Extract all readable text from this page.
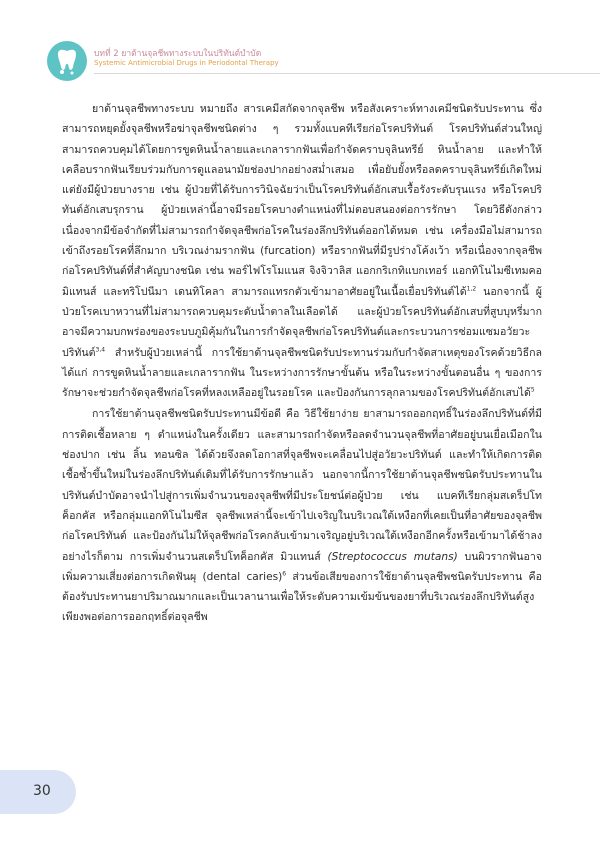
บทที่ 2 ยาต้านจุลชีพทางระบบในปริทันต์บำบัด
Systemic Antimicrobial Drugs in Periodontal Therapy

ยาต้านจุลชีพทางระบบ หมายถึง สารเคมีสกัดจากจุลชีพ หรือสังเคราะห์ทางเคมีชนิดรับประทาน ซึ่งสามารถหยุดยั้งจุลชีพหรือฆ่าจุลชีพชนิดต่าง ๆ รวมทั้งแบคทีเรียก่อโรคปริทันต์ โรคปริทันต์ส่วนใหญ่สามารถควบคุมได้โดยการขูดหินน้ำลายและเกลารากฟันเพื่อกำจัดคราบจุลินทรีย์ หินน้ำลาย และทำให้เคลือบรากฟันเรียบร่วมกับการดูแลอนามัยช่องปากอย่างสม่ำเสมอ เพื่อยับยั้งหรือลดคราบจุลินทรีย์เกิดใหม่ แต่ยังมีผู้ป่วยบางราย เช่น ผู้ป่วยที่ได้รับการวินิจฉัยว่าเป็นโรคปริทันต์อักเสบเรื้อรังระดับรุนแรง หรือโรคปริทันต์อักเสบรุกราน ผู้ป่วยเหล่านี้อาจมีรอยโรคบางตำแหน่งที่ไม่ตอบสนองต่อการรักษา โดยวิธีดังกล่าว เนื่องจากมีข้อจำกัดที่ไม่สามารถกำจัดจุลชีพก่อโรคในร่องลึกปริทันต์ออกได้หมด เช่น เครื่องมือไม่สามารถเข้าถึงรอยโรคที่ลึกมาก บริเวณง่ามรากฟัน (furcation) หรือรากฟันที่มีรูปร่างโค้งเว้า หรือเนื่องจากจุลชีพก่อโรคปริทันต์ที่สำคัญบางชนิด เช่น พอร์ไฟโรโมแนส จิงจิวาลิส แอกกริเกทิแบกเทอร์ แอกทิโนไมซีเทมคอมิแทนส์ และทริโปนีมา เดนทิโคลา สามารถแทรกตัวเข้ามาอาศัยอยู่ในเนื้อเยื่อปริทันต์ได้$^{1,2}$ นอกจากนี้ ผู้ป่วยโรคเบาหวานที่ไม่สามารถควบคุมระดับน้ำตาลในเลือดได้ และผู้ป่วยโรคปริทันต์อักเสบที่สูบบุหรี่มาก อาจมีความบกพร่องของระบบภูมิคุ้มกันในการกำจัดจุลชีพก่อโรคปริทันต์และกระบวนการซ่อมแซมอวัยวะปริทันต์$^{3,4}$ สำหรับผู้ป่วยเหล่านี้ การใช้ยาต้านจุลชีพชนิดรับประทานร่วมกับกำจัดสาเหตุของโรคด้วยวิธีกลได้แก่ การขูดหินน้ำลายและเกลารากฟัน ในระหว่างการรักษาขั้นต้น หรือในระหว่างขั้นตอนอื่น ๆ ของการรักษาจะช่วยกำจัดจุลชีพก่อโรคที่หลงเหลืออยู่ในรอยโรค และป้องกันการลุกลามของโรคปริทันต์อักเสบได้$^5$

การใช้ยาต้านจุลชีพชนิดรับประทานมีข้อดี คือ วิธีใช้ยาง่าย ยาสามารถออกฤทธิ์ในร่องลึกปริทันต์ที่มีการติดเชื้อหลาย ๆ ตำแหน่งในครั้งเดียว และสามารถกำจัดหรือลดจำนวนจุลชีพที่อาศัยอยู่บนเยื่อเมือกในช่องปาก เช่น ลิ้น ทอนซิล ได้ด้วยจึงลดโอกาสที่จุลชีพจะเคลื่อนไปสู่อวัยวะปริทันต์ และทำให้เกิดการติดเชื้อซ้ำขึ้นใหม่ในร่องลึกปริทันต์เดิมที่ได้รับการรักษาแล้ว นอกจากนี้การใช้ยาต้านจุลชีพชนิดรับประทานในปริทันต์บำบัดอาจนำไปสู่การเพิ่มจำนวนของจุลชีพที่มีประโยชน์ต่อผู้ป่วย เช่น แบคทีเรียกลุ่มสเตร็ปโทค็อกคัส หรือกลุ่มแอกทิโนไมซีส จุลชีพเหล่านี้จะเข้าไปเจริญในบริเวณใต้เหงือกที่เคยเป็นที่อาศัยของจุลชีพก่อโรคปริทันต์ และป้องกันไม่ให้จุลชีพก่อโรคกลับเข้ามาเจริญอยู่บริเวณใต้เหงือกอีกครั้งหรือเข้ามาได้ช้าลงอย่างไรก็ตาม การเพิ่มจำนวนสเตร็ปโทค็อกคัส มิวแทนส์ (Streptococcus mutans) บนผิวรากฟันอาจเพิ่มความเสี่ยงต่อการเกิดฟันผุ (dental caries)$^6$ ส่วนข้อเสียของการใช้ยาต้านจุลชีพชนิดรับประทาน คือ ต้องรับประทานยาปริมาณมากและเป็นเวลานานเพื่อให้ระดับความเข้มข้นของยาที่บริเวณร่องลึกปริทันต์สูงเพียงพอต่อการออกฤทธิ์ต่อจุลชีพ

30
